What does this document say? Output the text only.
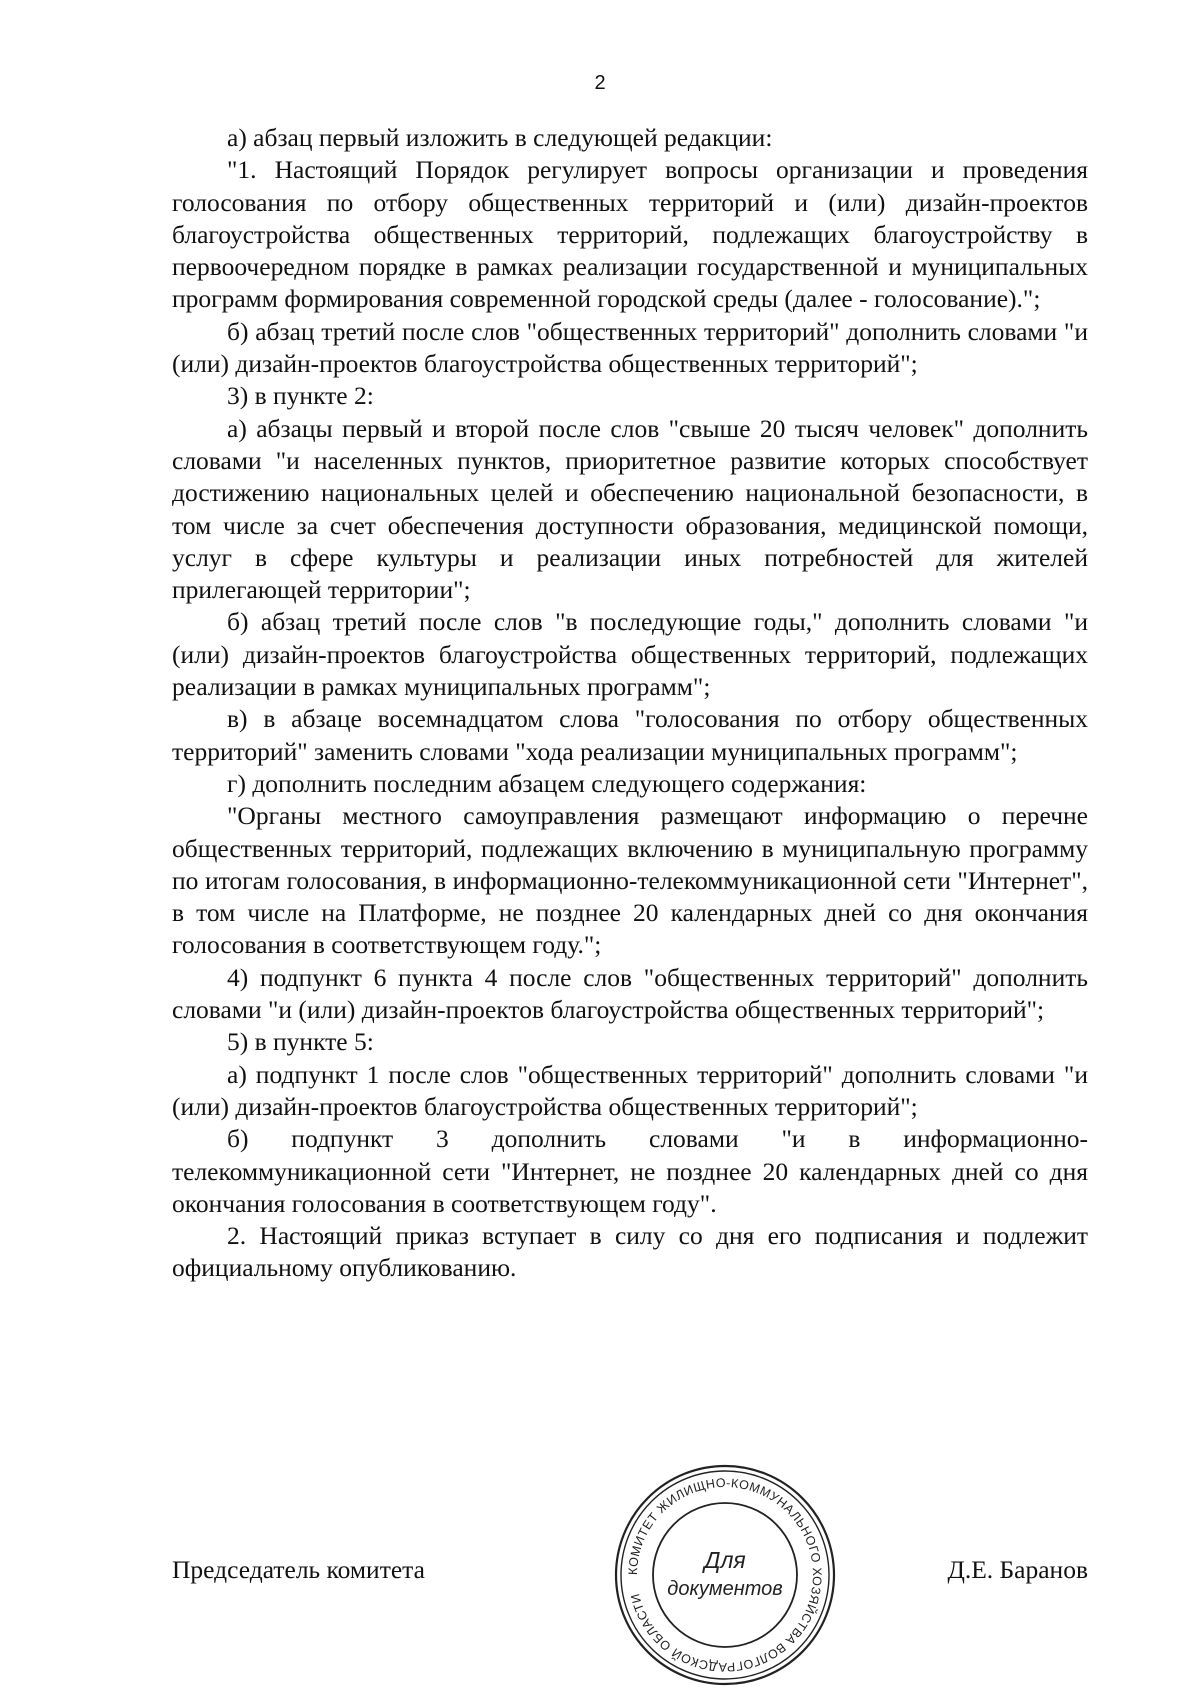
2

а) абзац первый изложить в следующей редакции:

"1. Настоящий Порядок регулирует вопросы организации и проведения голосования по отбору общественных территорий и (или) дизайн-проектов благоустройства общественных территорий, подлежащих благоустройству в первоочередном порядке в рамках реализации государственной и муниципальных программ формирования современной городской среды (далее - голосование).";

б) абзац третий после слов "общественных территорий" дополнить словами "и (или) дизайн-проектов благоустройства общественных территорий";

3) в пункте 2:

а) абзацы первый и второй после слов "свыше 20 тысяч человек" дополнить словами "и населенных пунктов, приоритетное развитие которых способствует достижению национальных целей и обеспечению национальной безопасности, в том числе за счет обеспечения доступности образования, медицинской помощи, услуг в сфере культуры и реализации иных потребностей для жителей прилегающей территории";

б) абзац третий после слов "в последующие годы," дополнить словами "и (или) дизайн-проектов благоустройства общественных территорий, подлежащих реализации в рамках муниципальных программ";

в) в абзаце восемнадцатом слова "голосования по отбору общественных территорий" заменить словами "хода реализации муниципальных программ";

г) дополнить последним абзацем следующего содержания:

"Органы местного самоуправления размещают информацию о перечне общественных территорий, подлежащих включению в муниципальную программу по итогам голосования, в информационно-телекоммуникационной сети "Интернет", в том числе на Платформе, не позднее 20 календарных дней со дня окончания голосования в соответствующем году.";

4) подпункт 6 пункта 4 после слов "общественных территорий" дополнить словами "и (или) дизайн-проектов благоустройства общественных территорий";

5) в пункте 5:

а) подпункт 1 после слов "общественных территорий" дополнить словами "и (или) дизайн-проектов благоустройства общественных территорий";

б) подпункт 3 дополнить словами "и в информационно-телекоммуникационной сети "Интернет, не позднее 20 календарных дней со дня окончания голосования в соответствующем году".

2. Настоящий приказ вступает в силу со дня его подписания и подлежит официальному опубликованию.

Председатель комитета	Д.Е. Баранов
КОМИТЕТ ЖИЛИЩНО-КОММУНАЛЬНОГО ХОЗЯЙСТВА ВОЛГОГРАДСКОЙ ОБЛАСТИ
Для
документов
